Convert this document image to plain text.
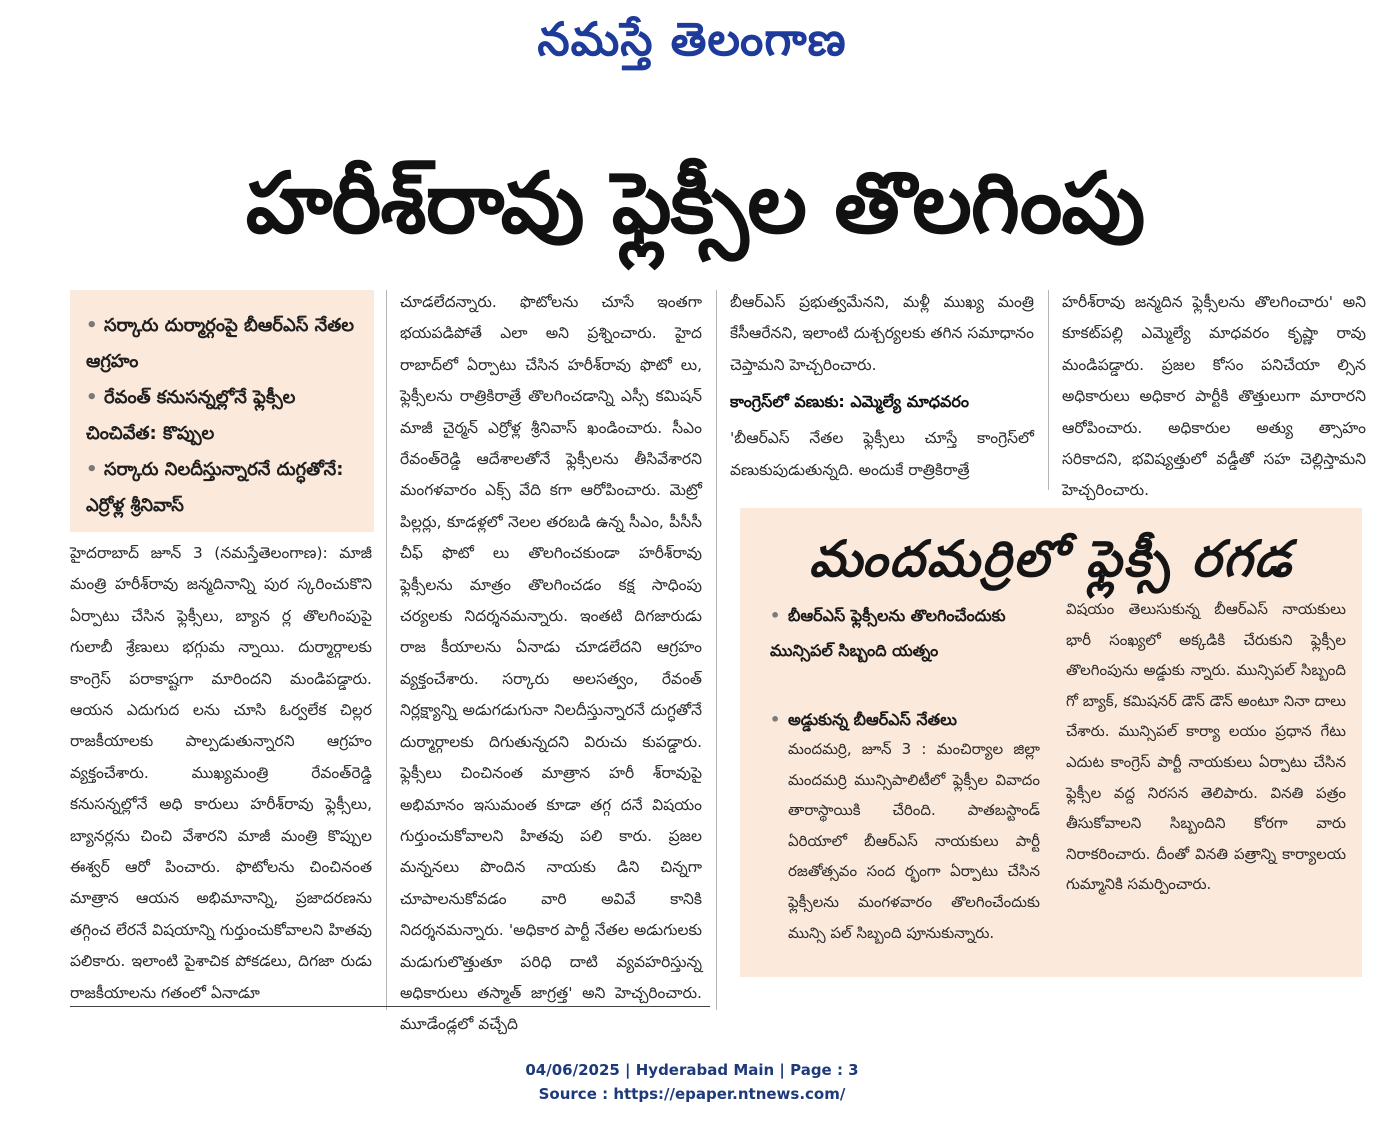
నమస్తే తెలంగాణ
హరీశ్‌రావు ఫ్లెక్సీల తొలగింపు
• సర్కారు దుర్మార్గంపై బీఆర్‌ఎస్ నేతల ఆగ్రహం
• రేవంత్ కనుసన్నల్లోనే ఫ్లెక్సీల చించివేత: కొప్పుల
• సర్కారు నిలదీస్తున్నారనే దుగ్ధతోనే: ఎర్రోళ్ల శ్రీనివాస్

హైదరాబాద్ జూన్ 3 (నమస్తేతెలంగాణ): మాజీ మంత్రి హరీశ్‌రావు జన్మదినాన్ని పుర స్కరించుకొని ఏర్పాటు చేసిన ఫ్లెక్సీలు, బ్యాన ర్ల తొలగింపుపై గులాబీ శ్రేణులు భగ్గుమ న్నాయి. దుర్మార్గాలకు కాంగ్రెస్ పరాకాష్టగా మారిందని మండిపడ్డారు. ఆయన ఎదుగుద లను చూసి ఓర్వలేక చిల్లర రాజకీయాలకు పాల్పడుతున్నారని ఆగ్రహం వ్యక్తంచేశారు. ముఖ్యమంత్రి రేవంత్‌రెడ్డి కనుసన్నల్లోనే అధి కారులు హరీశ్‌రావు ఫ్లెక్సీలు, బ్యానర్లను చించి వేశారని మాజీ మంత్రి కొప్పుల ఈశ్వర్ ఆరో పించారు. ఫొటోలను చించినంత మాత్రాన ఆయన అభిమానాన్ని, ప్రజాదరణను తగ్గించ లేరనే విషయాన్ని గుర్తుంచుకోవాలని హితవు పలికారు. ఇలాంటి పైశాచిక పోకడలు, దిగజా రుడు రాజకీయాలను గతంలో ఏనాడూ

చూడలేదన్నారు. ఫొటోలను చూసే ఇంతగా భయపడిపోతే ఎలా అని ప్రశ్నించారు. హైద రాబాద్‌లో ఏర్పాటు చేసిన హరీశ్‌రావు ఫొటో లు, ఫ్లెక్సీలను రాత్రికిరాత్రే తొలగించడాన్ని ఎస్సీ కమిషన్ మాజీ చైర్మన్ ఎర్రోళ్ల శ్రీనివాస్ ఖండించారు. సీఎం రేవంత్‌రెడ్డి ఆదేశాలతోనే ఫ్లెక్సీలను తీసివేశారని మంగళవారం ఎక్స్ వేది కగా ఆరోపించారు. మెట్రో పిల్లర్లు, కూడళ్లలో నెలల తరబడి ఉన్న సీఎం, పీసీసీ చీఫ్ ఫొటో లు తొలగించకుండా హరీశ్‌రావు ఫ్లెక్సీలను మాత్రం తొలగించడం కక్ష సాధింపు చర్యలకు నిదర్శనమన్నారు. ఇంతటి దిగజారుడు రాజ కీయాలను ఏనాడు చూడలేదని ఆగ్రహం వ్యక్తంచేశారు. సర్కారు అలసత్వం, రేవంత్ నిర్లక్ష్యాన్ని అడుగడుగునా నిలదీస్తున్నారనే దుగ్ధతోనే దుర్మార్గాలకు దిగుతున్నదని విరుచు కుపడ్డారు. ఫ్లెక్సీలు చించినంత మాత్రాన హరీ శ్‌రావుపై అభిమానం ఇసుమంత కూడా తగ్గ దనే విషయం గుర్తుంచుకోవాలని హితవు పలి కారు. ప్రజల మన్ననలు పొందిన నాయకు డిని చిన్నగా చూపాలనుకోవడం వారి అవివే కానికి నిదర్శనమన్నారు. 'అధికార పార్టీ నేతల అడుగులకు మడుగులొత్తుతూ పరిధి దాటి వ్యవహరిస్తున్న అధికారులు తస్మాత్ జాగ్రత్త' అని హెచ్చరించారు. మూడేండ్లలో వచ్చేది

బీఆర్‌ఎస్ ప్రభుత్వమేనని, మళ్లీ ముఖ్య మంత్రి కేసీఆరేనని, ఇలాంటి దుశ్చర్యలకు తగిన సమాధానం చెప్తామని హెచ్చరించారు.

కాంగ్రెస్‌లో వణుకు: ఎమ్మెల్యే మాధవరం

'బీఆర్‌ఎస్ నేతల ఫ్లెక్సీలు చూస్తే కాంగ్రెస్‌లో వణుకుపుడుతున్నది. అందుకే రాత్రికిరాత్రే

హరీశ్‌రావు జన్మదిన ఫ్లెక్సీలను తొలగించారు' అని కూకట్‌పల్లి ఎమ్మెల్యే మాధవరం కృష్ణా రావు మండిపడ్డారు. ప్రజల కోసం పనిచేయా ల్సిన అధికారులు అధికార పార్టీకి తొత్తులుగా మారారని ఆరోపించారు. అధికారుల అత్యు త్సాహం సరికాదని, భవిష్యత్తులో వడ్డీతో సహ చెల్లిస్తామని హెచ్చరించారు.

మందమర్రిలో ఫ్లెక్సీ రగడ
• బీఆర్‌ఎస్ ఫ్లెక్సీలను తొలగించేందుకు మున్సిపల్ సిబ్బంది యత్నం
• అడ్డుకున్న బీఆర్‌ఎస్ నేతలు

మందమర్రి, జూన్ 3 : మంచిర్యాల జిల్లా మందమర్రి మున్సిపాలిటీలో ఫ్లెక్సీల వివాదం తారాస్థాయికి చేరింది. పాతబస్టాండ్ ఏరియాలో బీఆర్‌ఎస్ నాయకులు పార్టీ రజతోత్సవం సంద ర్భంగా ఏర్పాటు చేసిన ఫ్లెక్సీలను మంగళవారం తొలగించేందుకు మున్సి పల్ సిబ్బంది పూనుకున్నారు.

విషయం తెలుసుకున్న బీఆర్‌ఎస్ నాయకులు భారీ సంఖ్యలో అక్కడికి చేరుకుని ఫ్లెక్సీల తొలగింపును అడ్డుకు న్నారు. మున్సిపల్ సిబ్బంది గో బ్యాక్, కమిషనర్ డౌన్ డౌన్ అంటూ నినా దాలు చేశారు. మున్సిపల్ కార్యా లయం ప్రధాన గేటు ఎదుట కాంగ్రెస్ పార్టీ నాయకులు ఏర్పాటు చేసిన ఫ్లెక్సీల వద్ద నిరసన తెలిపారు. వినతి పత్రం తీసుకోవాలని సిబ్బందిని కోరగా వారు నిరాకరించారు. దీంతో వినతి పత్రాన్ని కార్యాలయ గుమ్మానికి సమర్పించారు.

04/06/2025 | Hyderabad Main | Page : 3
Source : https://epaper.ntnews.com/
